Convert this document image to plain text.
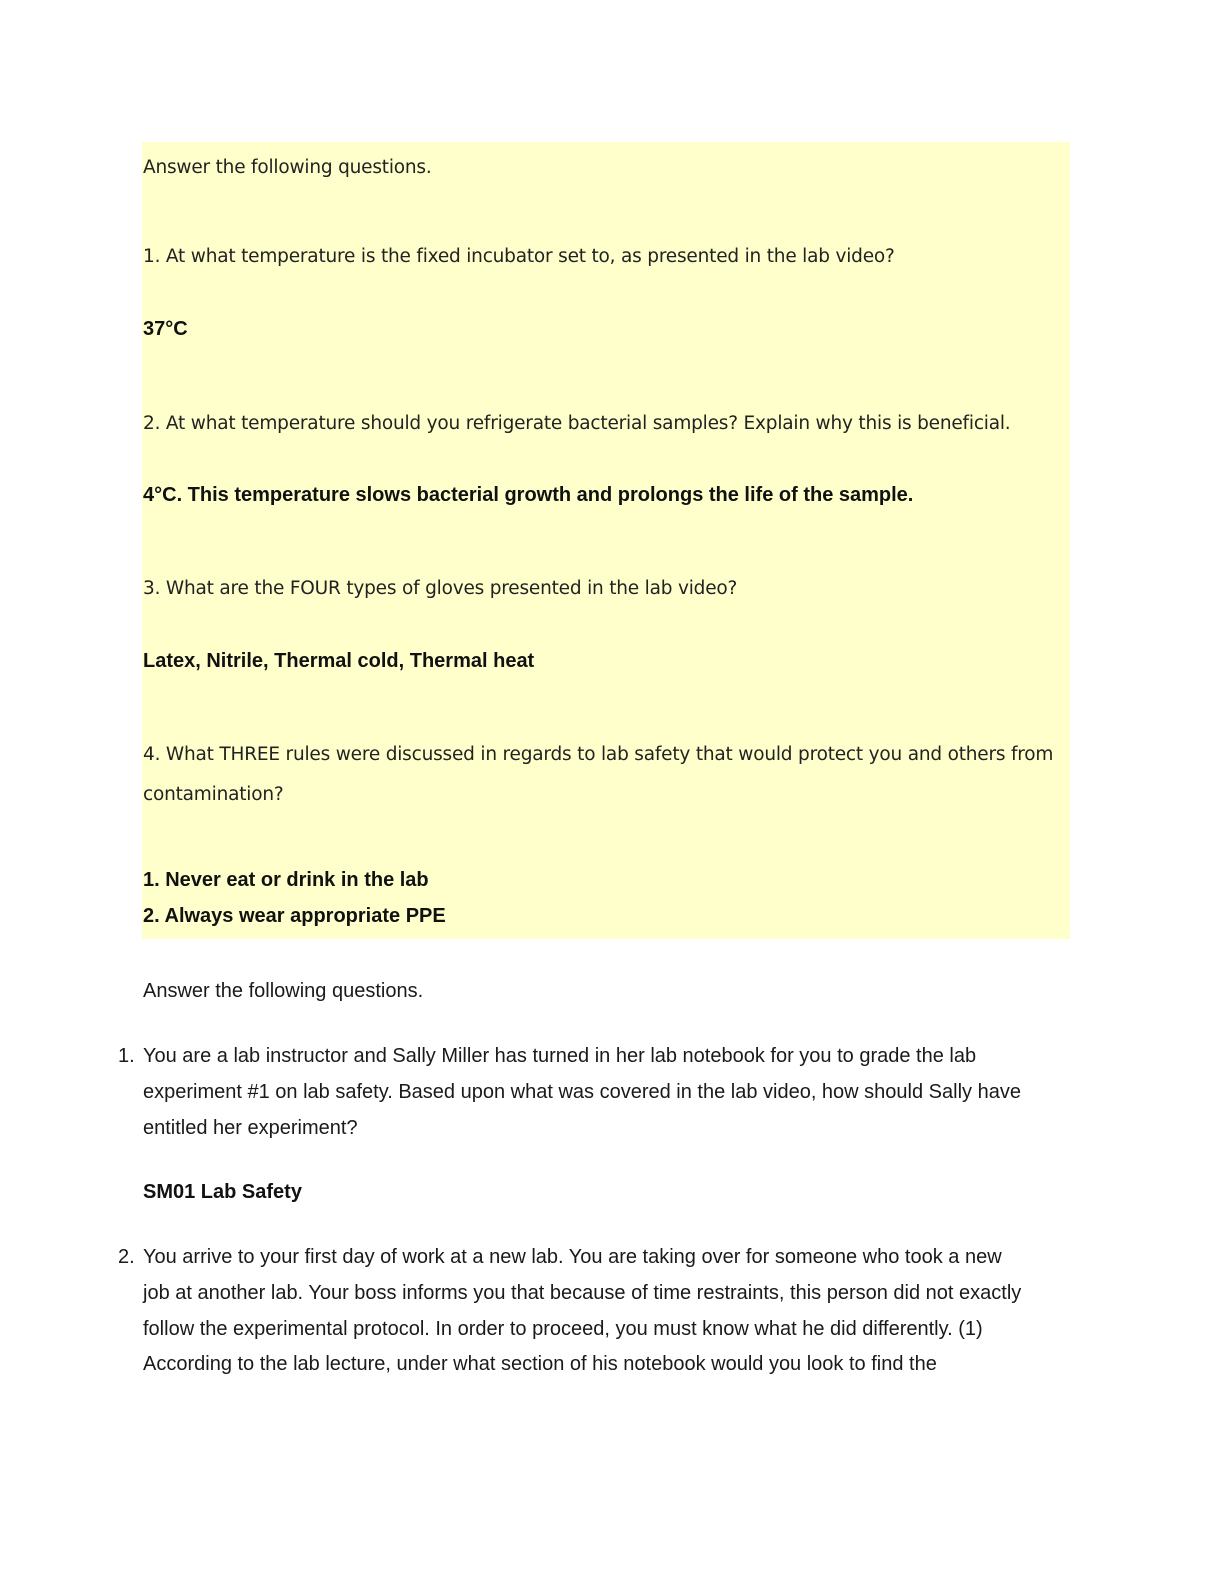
Answer the following questions.
1. At what temperature is the fixed incubator set to, as presented in the lab video?
37°C
2. At what temperature should you refrigerate bacterial samples? Explain why this is beneficial.
4°C. This temperature slows bacterial growth and prolongs the life of the sample.
3. What are the FOUR types of gloves presented in the lab video?
Latex, Nitrile, Thermal cold, Thermal heat
4. What THREE rules were discussed in regards to lab safety that would protect you and others from
contamination?
1. Never eat or drink in the lab
2. Always wear appropriate PPE
Answer the following questions.
1. You are a lab instructor and Sally Miller has turned in her lab notebook for you to grade the lab
experiment #1 on lab safety. Based upon what was covered in the lab video, how should Sally have
entitled her experiment?
SM01 Lab Safety
2. You arrive to your first day of work at a new lab. You are taking over for someone who took a new
job at another lab. Your boss informs you that because of time restraints, this person did not exactly
follow the experimental protocol. In order to proceed, you must know what he did differently. (1)
According to the lab lecture, under what section of his notebook would you look to find the
